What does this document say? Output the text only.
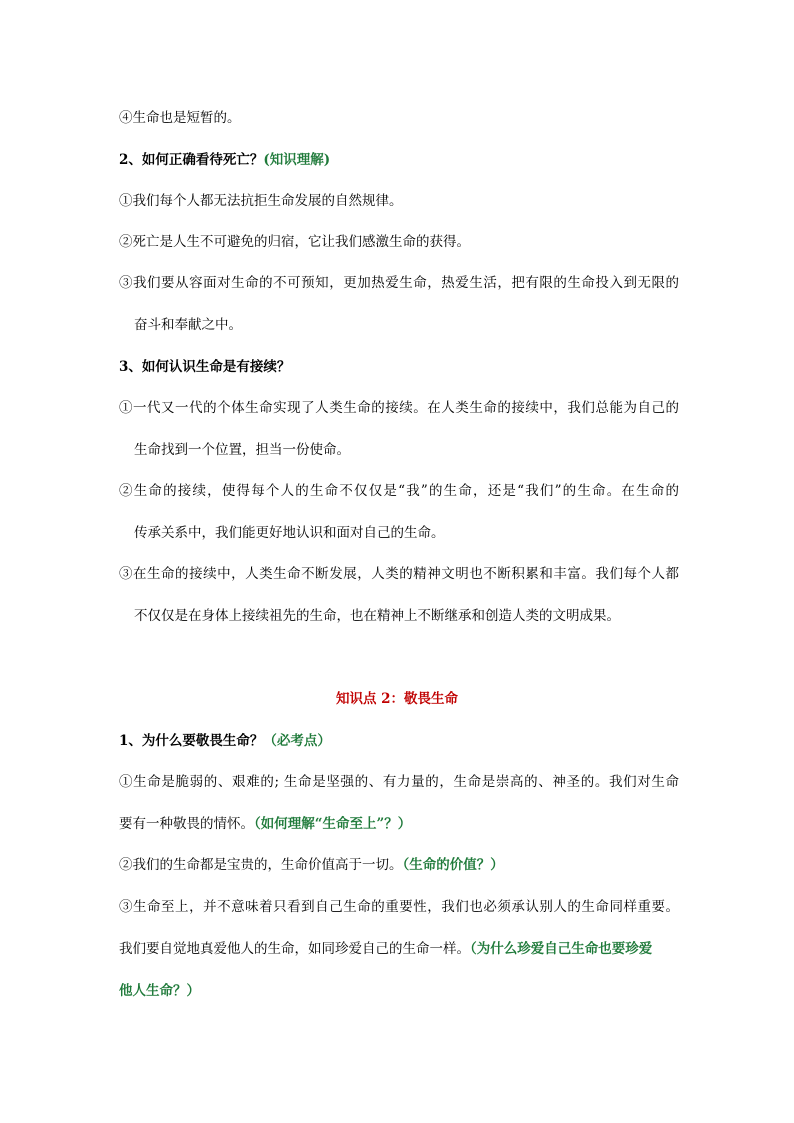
④生命也是短暂的。
2、如何正确看待死亡？(知识理解)
①我们每个人都无法抗拒生命发展的自然规律。
②死亡是人生不可避免的归宿，它让我们感激生命的获得。
③我们要从容面对生命的不可预知，更加热爱生命，热爱生活，把有限的生命投入到无限的
奋斗和奉献之中。
3、如何认识生命是有接续？
①一代又一代的个体生命实现了人类生命的接续。在人类生命的接续中，我们总能为自己的
生命找到一个位置，担当一份使命。
②生命的接续，使得每个人的生命不仅仅是“我”的生命，还是“我们”的生命。在生命的
传承关系中，我们能更好地认识和面对自己的生命。
③在生命的接续中，人类生命不断发展，人类的精神文明也不断积累和丰富。我们每个人都
不仅仅是在身体上接续祖先的生命，也在精神上不断继承和创造人类的文明成果。
知识点 2：敬畏生命
1、为什么要敬畏生命？（必考点）
①生命是脆弱的、艰难的; 生命是坚强的、有力量的，生命是崇高的、神圣的。我们对生命
要有一种敬畏的情怀。（如何理解“生命至上”？）
②我们的生命都是宝贵的，生命价值高于一切。（生命的价值？）
③生命至上，并不意味着只看到自己生命的重要性，我们也必须承认别人的生命同样重要。
我们要自觉地真爱他人的生命，如同珍爱自己的生命一样。（为什么珍爱自己生命也要珍爱
他人生命？）
